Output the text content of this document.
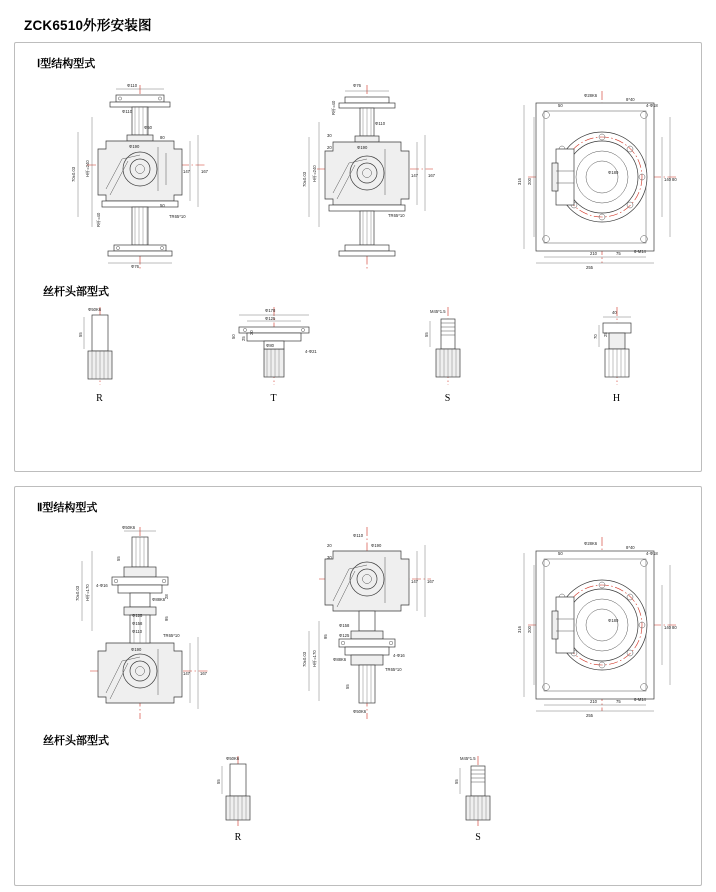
ZCK6510外形安装图
Ⅰ型结构型式
Φ110
Φ50
Φ190
Φ110
Φ76
TR65*10
147	167
H杆=240
70±0.03
R杆=40
80
50
Φ76
Φ110
Φ190
TR65*10
147 167
H杆=240
70±0.03
R杆=40
30
20
Φ28K6
8*40
4-Φ18
Φ180
6-M14
316 200
255
210	75
140 80
50
丝杆头部型式
Φ50K6
55
R
Φ178
Φ125
Φ80
4-Φ21
50 25
20
T
M45*1.5
55
S
40
70 25
H
Ⅱ型结构型式
Φ50K6
Φ88K6
Φ125
Φ158
Φ110
Φ190
TR65*10
147 167
H杆=170
70±0.03
4-Φ16
55
28
95
Φ110
Φ190
Φ158
Φ125
Φ88K6
Φ50K6
TR65*10
147 167
H杆=170
70±0.03	4-Φ16
95
55
20
30
Φ28K6
8*40
4-Φ18
Φ180
6-M14
316 200
255
210	75
140 80
50
丝杆头部型式
Φ50K6
55
R
M45*1.5
55
S
